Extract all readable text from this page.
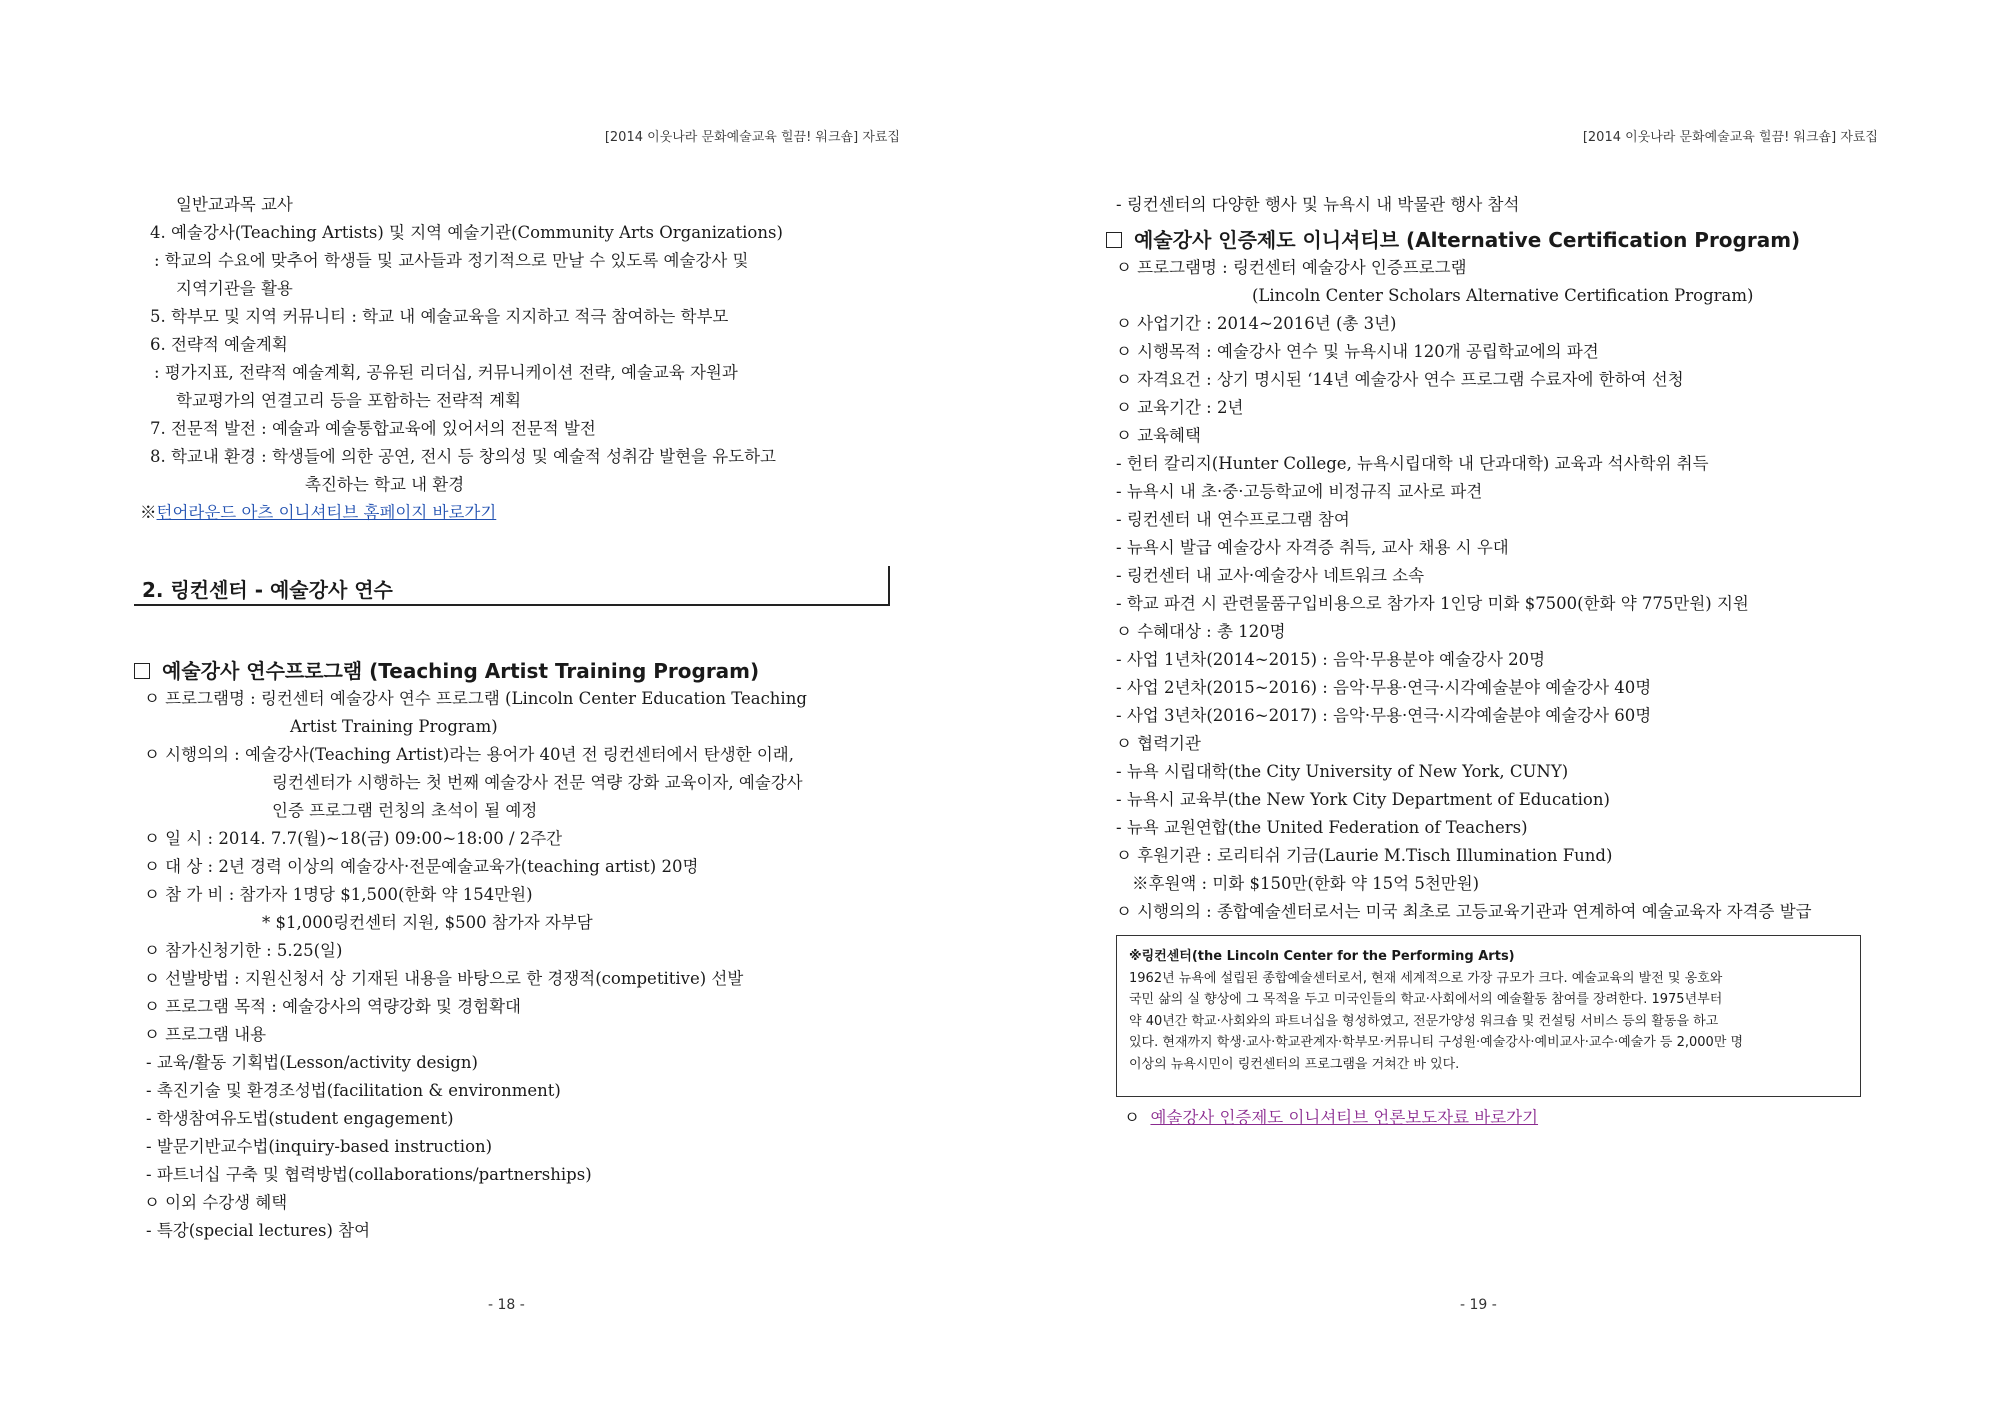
[2014 이웃나라 문화예술교육 힐끔! 워크숍] 자료집
일반교과목 교사
4. 예술강사(Teaching Artists) 및 지역 예술기관(Community Arts Organizations)
: 학교의 수요에 맞추어 학생들 및 교사들과 정기적으로 만날 수 있도록 예술강사 및
지역기관을 활용
5. 학부모 및 지역 커뮤니티 : 학교 내 예술교육을 지지하고 적극 참여하는 학부모
6. 전략적 예술계획
: 평가지표, 전략적 예술계획, 공유된 리더십, 커뮤니케이션 전략, 예술교육 자원과
학교평가의 연결고리 등을 포함하는 전략적 계획
7. 전문적 발전 : 예술과 예술통합교육에 있어서의 전문적 발전
8. 학교내 환경 : 학생들에 의한 공연, 전시 등 창의성 및 예술적 성취감 발현을 유도하고
촉진하는 학교 내 환경
※턴어라운드 아츠 이니셔티브 홈페이지 바로가기
2. 링컨센터 - 예술강사 연수
예술강사 연수프로그램 (Teaching Artist Training Program)
ㅇ 프로그램명 : 링컨센터 예술강사 연수 프로그램 (Lincoln Center Education Teaching
Artist Training Program)
ㅇ 시행의의 : 예술강사(Teaching Artist)라는 용어가 40년 전 링컨센터에서 탄생한 이래,
링컨센터가 시행하는 첫 번째 예술강사 전문 역량 강화 교육이자, 예술강사
인증 프로그램 런칭의 초석이 될 예정
ㅇ 일 시 : 2014. 7.7(월)~18(금) 09:00~18:00 / 2주간
ㅇ 대 상 : 2년 경력 이상의 예술강사·전문예술교육가(teaching artist) 20명
ㅇ 참 가 비 : 참가자 1명당 $1,500(한화 약 154만원)
* $1,000링컨센터 지원, $500 참가자 자부담
ㅇ 참가신청기한 : 5.25(일)
ㅇ 선발방법 : 지원신청서 상 기재된 내용을 바탕으로 한 경쟁적(competitive) 선발
ㅇ 프로그램 목적 : 예술강사의 역량강화 및 경험확대
ㅇ 프로그램 내용
- 교육/활동 기획법(Lesson/activity design)
- 촉진기술 및 환경조성법(facilitation & environment)
- 학생참여유도법(student engagement)
- 발문기반교수법(inquiry-based instruction)
- 파트너십 구축 및 협력방법(collaborations/partnerships)
ㅇ 이외 수강생 혜택
- 특강(special lectures) 참여
- 18 -
[2014 이웃나라 문화예술교육 힐끔! 워크숍] 자료집
- 링컨센터의 다양한 행사 및 뉴욕시 내 박물관 행사 참석
예술강사 인증제도 이니셔티브 (Alternative Certification Program)
ㅇ 프로그램명 : 링컨센터 예술강사 인증프로그램
(Lincoln Center Scholars Alternative Certification Program)
ㅇ 사업기간 : 2014~2016년 (총 3년)
ㅇ 시행목적 : 예술강사 연수 및 뉴욕시내 120개 공립학교에의 파견
ㅇ 자격요건 : 상기 명시된 ‘14년 예술강사 연수 프로그램 수료자에 한하여 선청
ㅇ 교육기간 : 2년
ㅇ 교육혜택
- 헌터 칼리지(Hunter College, 뉴욕시립대학 내 단과대학) 교육과 석사학위 취득
- 뉴욕시 내 초·중·고등학교에 비정규직 교사로 파견
- 링컨센터 내 연수프로그램 참여
- 뉴욕시 발급 예술강사 자격증 취득, 교사 채용 시 우대
- 링컨센터 내 교사·예술강사 네트워크 소속
- 학교 파견 시 관련물품구입비용으로 참가자 1인당 미화 $7500(한화 약 775만원) 지원
ㅇ 수혜대상 : 총 120명
- 사업 1년차(2014~2015) : 음악·무용분야 예술강사 20명
- 사업 2년차(2015~2016) : 음악·무용·연극·시각예술분야 예술강사 40명
- 사업 3년차(2016~2017) : 음악·무용·연극·시각예술분야 예술강사 60명
ㅇ 협력기관
- 뉴욕 시립대학(the City University of New York, CUNY)
- 뉴욕시 교육부(the New York City Department of Education)
- 뉴욕 교원연합(the United Federation of Teachers)
ㅇ 후원기관 : 로리티쉬 기금(Laurie M.Tisch Illumination Fund)
※후원액 : 미화 $150만(한화 약 15억 5천만원)
ㅇ 시행의의 : 종합예술센터로서는 미국 최초로 고등교육기관과 연계하여 예술교육자 자격증 발급
※링컨센터(the Lincoln Center for the Performing Arts)
1962년 뉴욕에 설립된 종합예술센터로서, 현재 세계적으로 가장 규모가 크다. 예술교육의 발전 및 옹호와
국민 삶의 실 향상에 그 목적을 두고 미국인들의 학교·사회에서의 예술활동 참여를 장려한다. 1975년부터
약 40년간 학교·사회와의 파트너십을 형성하였고, 전문가양성 워크숍 및 컨설팅 서비스 등의 활동을 하고
있다. 현재까지 학생·교사·학교관계자·학부모·커뮤니티 구성원·예술강사·예비교사·교수·예술가 등 2,000만 명
이상의 뉴욕시민이 링컨센터의 프로그램을 거쳐간 바 있다.
ㅇ 예술강사 인증제도 이니셔티브 언론보도자료 바로가기
- 19 -
